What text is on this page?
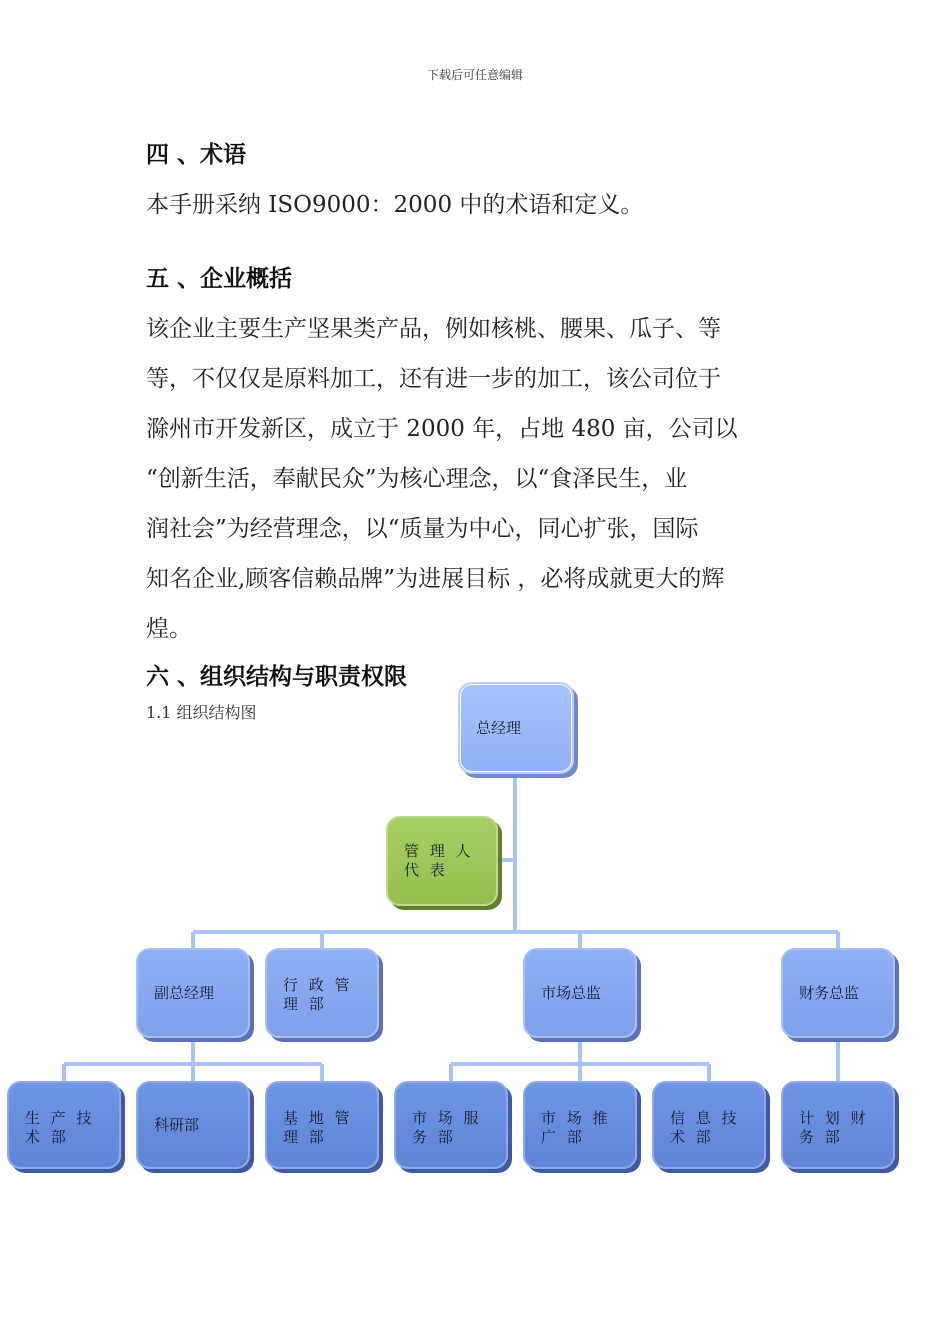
下载后可任意编辑
四 、术语
本手册采纳 ISO9000：2000 中的术语和定义。
五 、企业概括
该企业主要生产坚果类产品，例如核桃、腰果、瓜子、等
等，不仅仅是原料加工，还有进一步的加工，该公司位于
滁州市开发新区，成立于 2000 年，占地 480 亩，公司以
“创新生活，奉献民众”为核心理念，以“食泽民生，业
润社会”为经营理念，以“质量为中心，同心扩张，国际
知名企业,顾客信赖品牌”为进展目标 ，必将成就更大的辉
煌。
六 、组织结构与职责权限
1.1 组织结构图
总经理
管 理 人 代 表
副总经理	行 政 管 理 部
市场总监	财务总监
生 产 技 术 部
科研部	基 地 管 理 部
市 场 服 务 部
市 场 推 广 部
信 息 技 术 部
计 划 财 务 部
